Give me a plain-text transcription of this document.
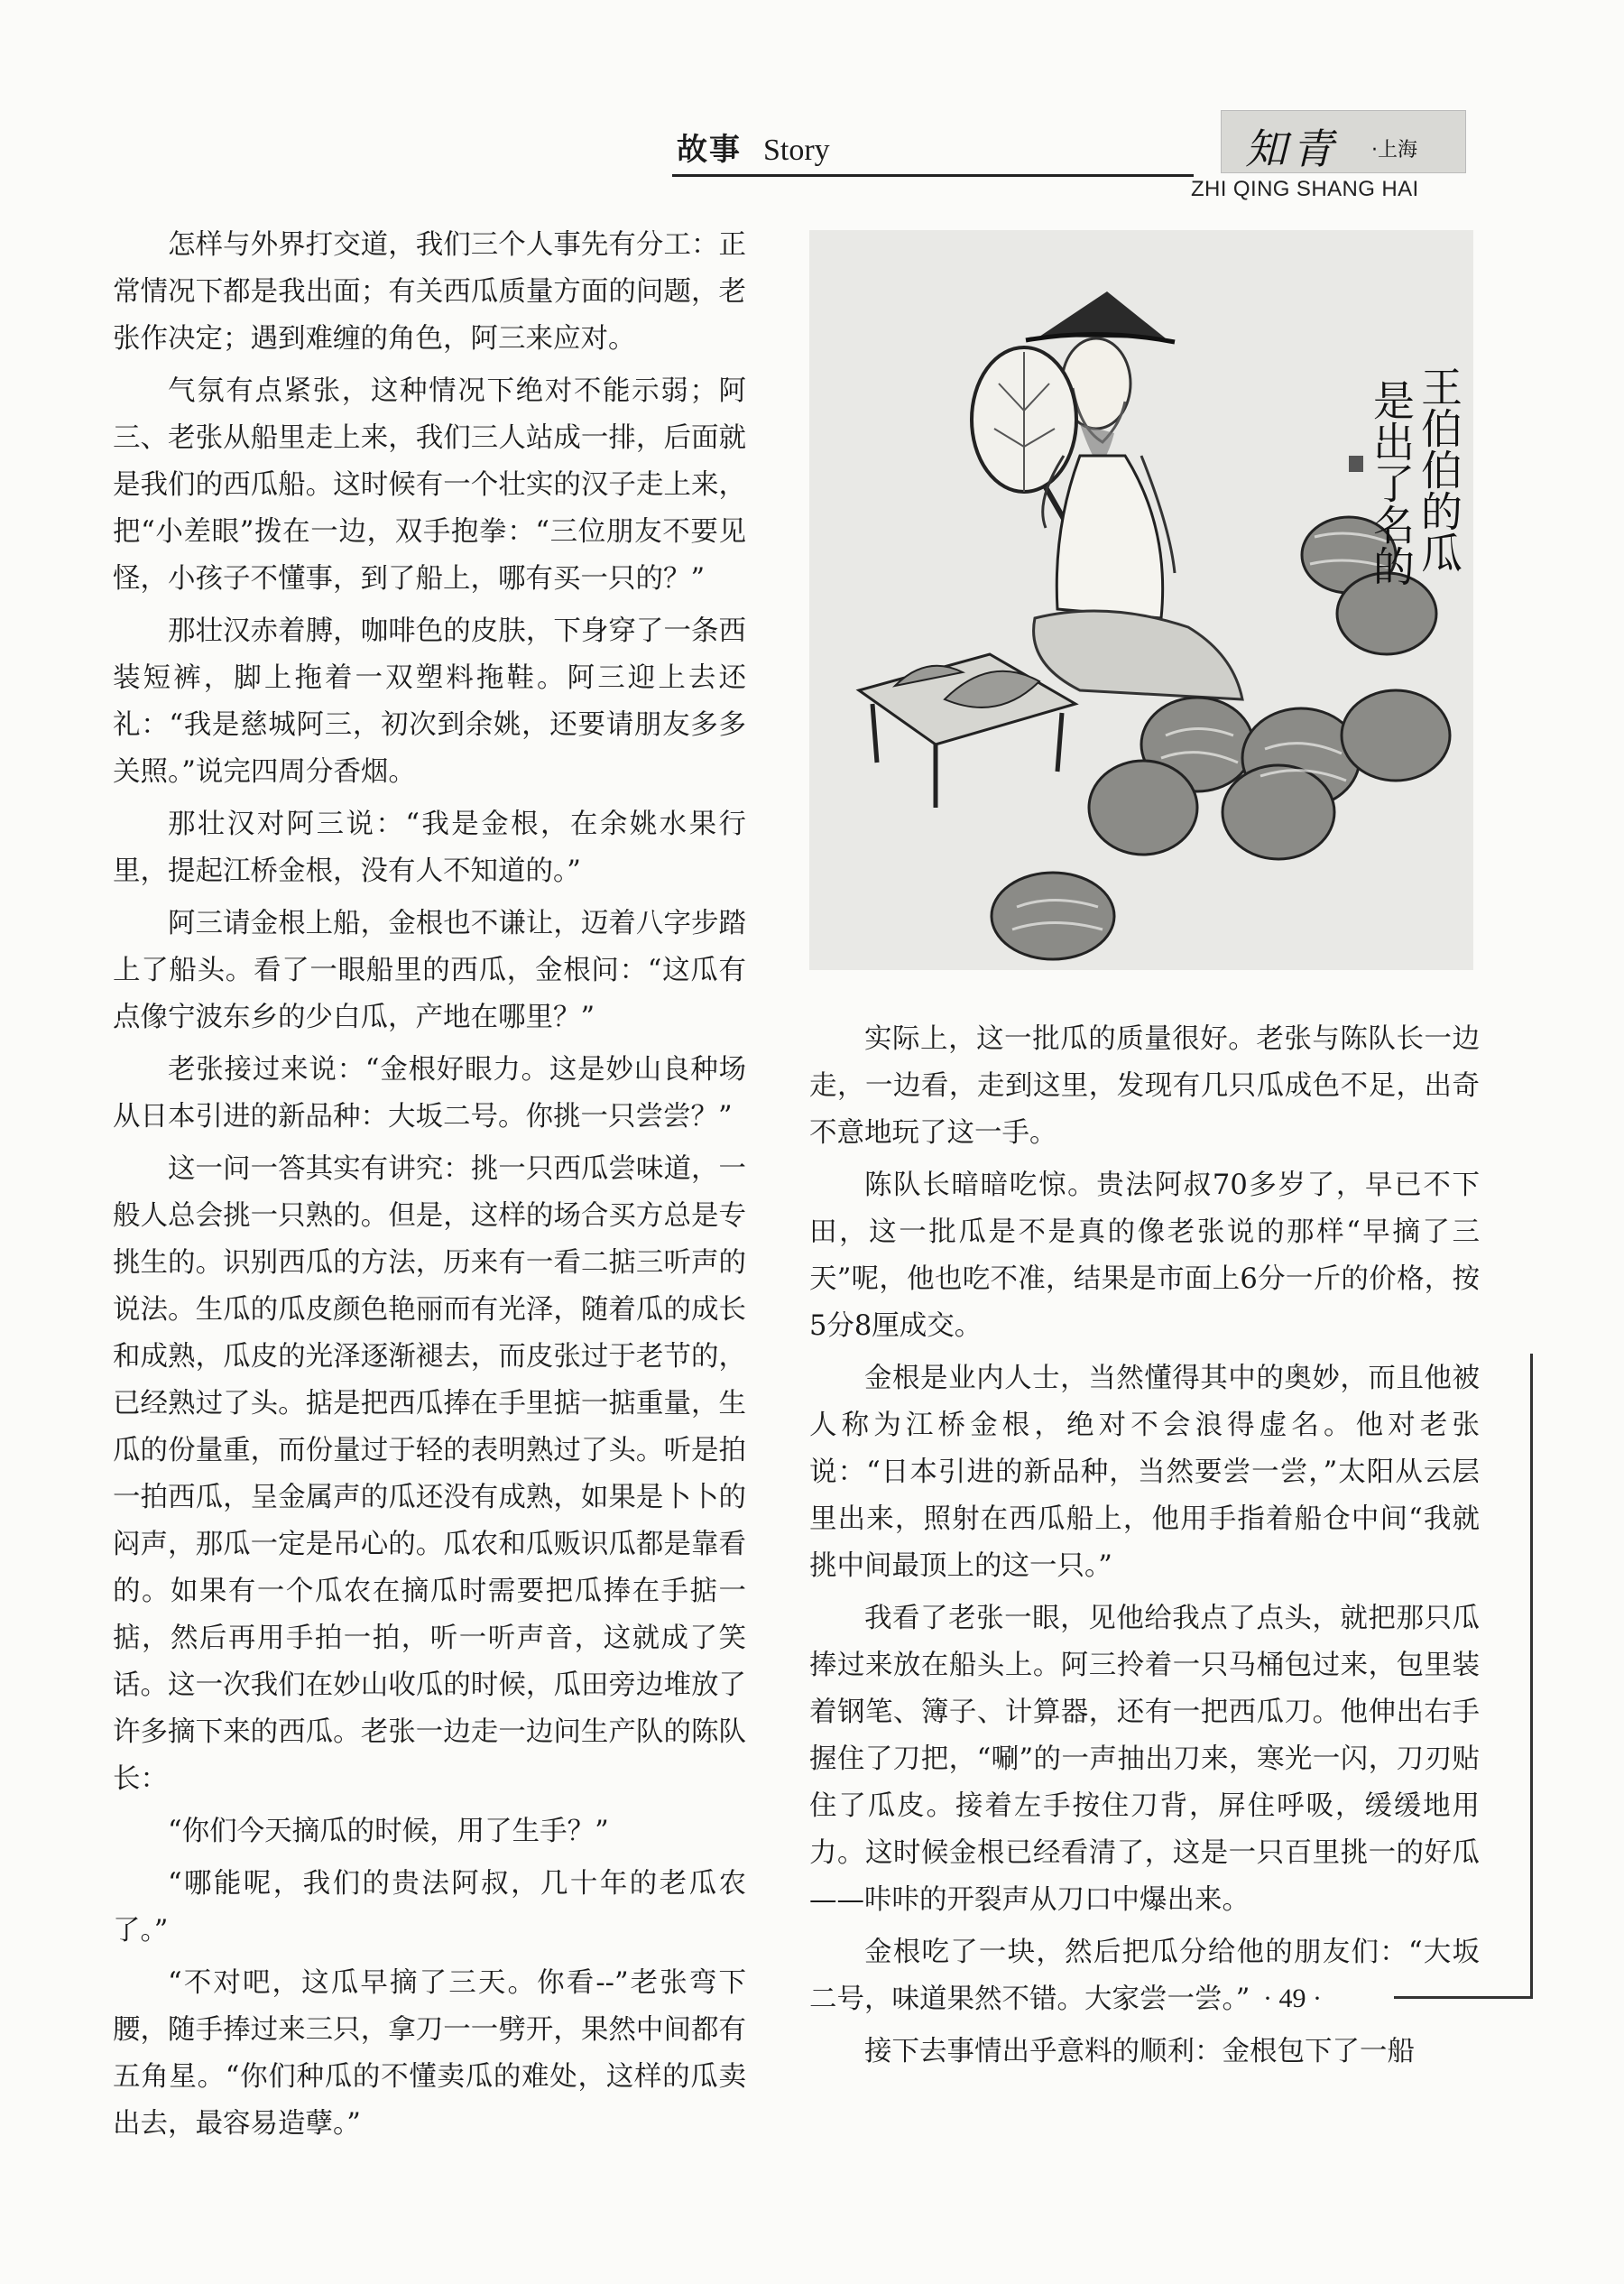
故事 Story	知青 ·上海
ZHI QING SHANG HAI

怎样与外界打交道，我们三个人事先有分工：正常情况下都是我出面；有关西瓜质量方面的问题，老张作决定；遇到难缠的角色，阿三来应对。

气氛有点紧张，这种情况下绝对不能示弱；阿三、老张从船里走上来，我们三人站成一排，后面就是我们的西瓜船。这时候有一个壮实的汉子走上来，把“小差眼”拨在一边，双手抱拳：“三位朋友不要见怪，小孩子不懂事，到了船上，哪有买一只的？”

那壮汉赤着膊，咖啡色的皮肤，下身穿了一条西装短裤，脚上拖着一双塑料拖鞋。阿三迎上去还礼：“我是慈城阿三，初次到余姚，还要请朋友多多关照。”说完四周分香烟。

那壮汉对阿三说：“我是金根，在余姚水果行里，提起江桥金根，没有人不知道的。”

阿三请金根上船，金根也不谦让，迈着八字步踏上了船头。看了一眼船里的西瓜，金根问：“这瓜有点像宁波东乡的少白瓜，产地在哪里？”

老张接过来说：“金根好眼力。这是妙山良种场从日本引进的新品种：大坂二号。你挑一只尝尝？”

这一问一答其实有讲究：挑一只西瓜尝味道，一般人总会挑一只熟的。但是，这样的场合买方总是专挑生的。识别西瓜的方法，历来有一看二掂三听声的说法。生瓜的瓜皮颜色艳丽而有光泽，随着瓜的成长和成熟，瓜皮的光泽逐渐褪去，而皮张过于老节的，已经熟过了头。掂是把西瓜捧在手里掂一掂重量，生瓜的份量重，而份量过于轻的表明熟过了头。听是拍一拍西瓜，呈金属声的瓜还没有成熟，如果是卜卜的闷声，那瓜一定是吊心的。瓜农和瓜贩识瓜都是靠看的。如果有一个瓜农在摘瓜时需要把瓜捧在手掂一掂，然后再用手拍一拍，听一听声音，这就成了笑话。这一次我们在妙山收瓜的时候，瓜田旁边堆放了许多摘下来的西瓜。老张一边走一边问生产队的陈队长：

“你们今天摘瓜的时候，用了生手？”

“哪能呢，我们的贵法阿叔，几十年的老瓜农了。”

“不对吧，这瓜早摘了三天。你看--”老张弯下腰，随手捧过来三只，拿刀一一劈开，果然中间都有五角星。“你们种瓜的不懂卖瓜的难处，这样的瓜卖出去，最容易造孽。”

王伯伯的瓜
是出了名的

实际上，这一批瓜的质量很好。老张与陈队长一边走，一边看，走到这里，发现有几只瓜成色不足，出奇不意地玩了这一手。

陈队长暗暗吃惊。贵法阿叔70多岁了，早已不下田，这一批瓜是不是真的像老张说的那样“早摘了三天”呢，他也吃不准，结果是市面上6分一斤的价格，按5分8厘成交。

金根是业内人士，当然懂得其中的奥妙，而且他被人称为江桥金根，绝对不会浪得虚名。他对老张说：“日本引进的新品种，当然要尝一尝，”太阳从云层里出来，照射在西瓜船上，他用手指着船仓中间“我就挑中间最顶上的这一只。”

我看了老张一眼，见他给我点了点头，就把那只瓜捧过来放在船头上。阿三拎着一只马桶包过来，包里装着钢笔、簿子、计算器，还有一把西瓜刀。他伸出右手握住了刀把，“唰”的一声抽出刀来，寒光一闪，刀刃贴住了瓜皮。接着左手按住刀背，屏住呼吸，缓缓地用力。这时候金根已经看清了，这是一只百里挑一的好瓜——咔咔的开裂声从刀口中爆出来。

金根吃了一块，然后把瓜分给他的朋友们：“大坂二号，味道果然不错。大家尝一尝。”

接下去事情出乎意料的顺利：金根包下了一船

· 49 ·
